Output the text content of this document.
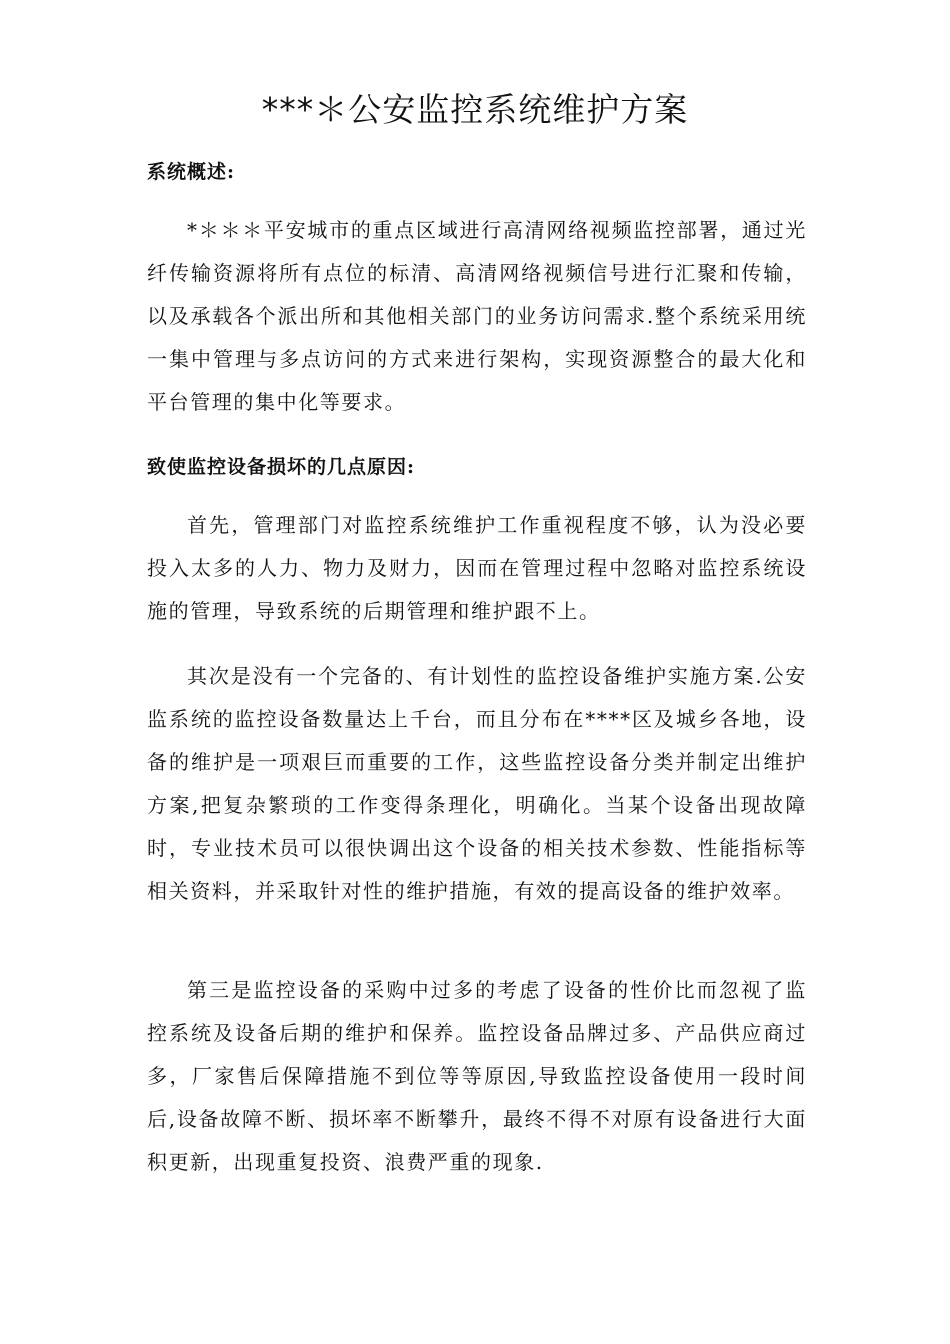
***＊公安监控系统维护方案
系统概述:

*＊＊＊平安城市的重点区域进行高清网络视频监控部署，通过光纤传输资源将所有点位的标清、高清网络视频信号进行汇聚和传输，以及承载各个派出所和其他相关部门的业务访问需求.整个系统采用统一集中管理与多点访问的方式来进行架构，实现资源整合的最大化和平台管理的集中化等要求。

致使监控设备损坏的几点原因:

首先，管理部门对监控系统维护工作重视程度不够，认为没必要投入太多的人力、物力及财力，因而在管理过程中忽略对监控系统设施的管理，导致系统的后期管理和维护跟不上。

其次是没有一个完备的、有计划性的监控设备维护实施方案.公安监系统的监控设备数量达上千台，而且分布在****区及城乡各地，设备的维护是一项艰巨而重要的工作，这些监控设备分类并制定出维护方案,把复杂繁琐的工作变得条理化，明确化。当某个设备出现故障时，专业技术员可以很快调出这个设备的相关技术参数、性能指标等相关资料，并采取针对性的维护措施，有效的提高设备的维护效率。

第三是监控设备的采购中过多的考虑了设备的性价比而忽视了监控系统及设备后期的维护和保养。监控设备品牌过多、产品供应商过多，厂家售后保障措施不到位等等原因,导致监控设备使用一段时间后,设备故障不断、损坏率不断攀升，最终不得不对原有设备进行大面积更新，出现重复投资、浪费严重的现象.
